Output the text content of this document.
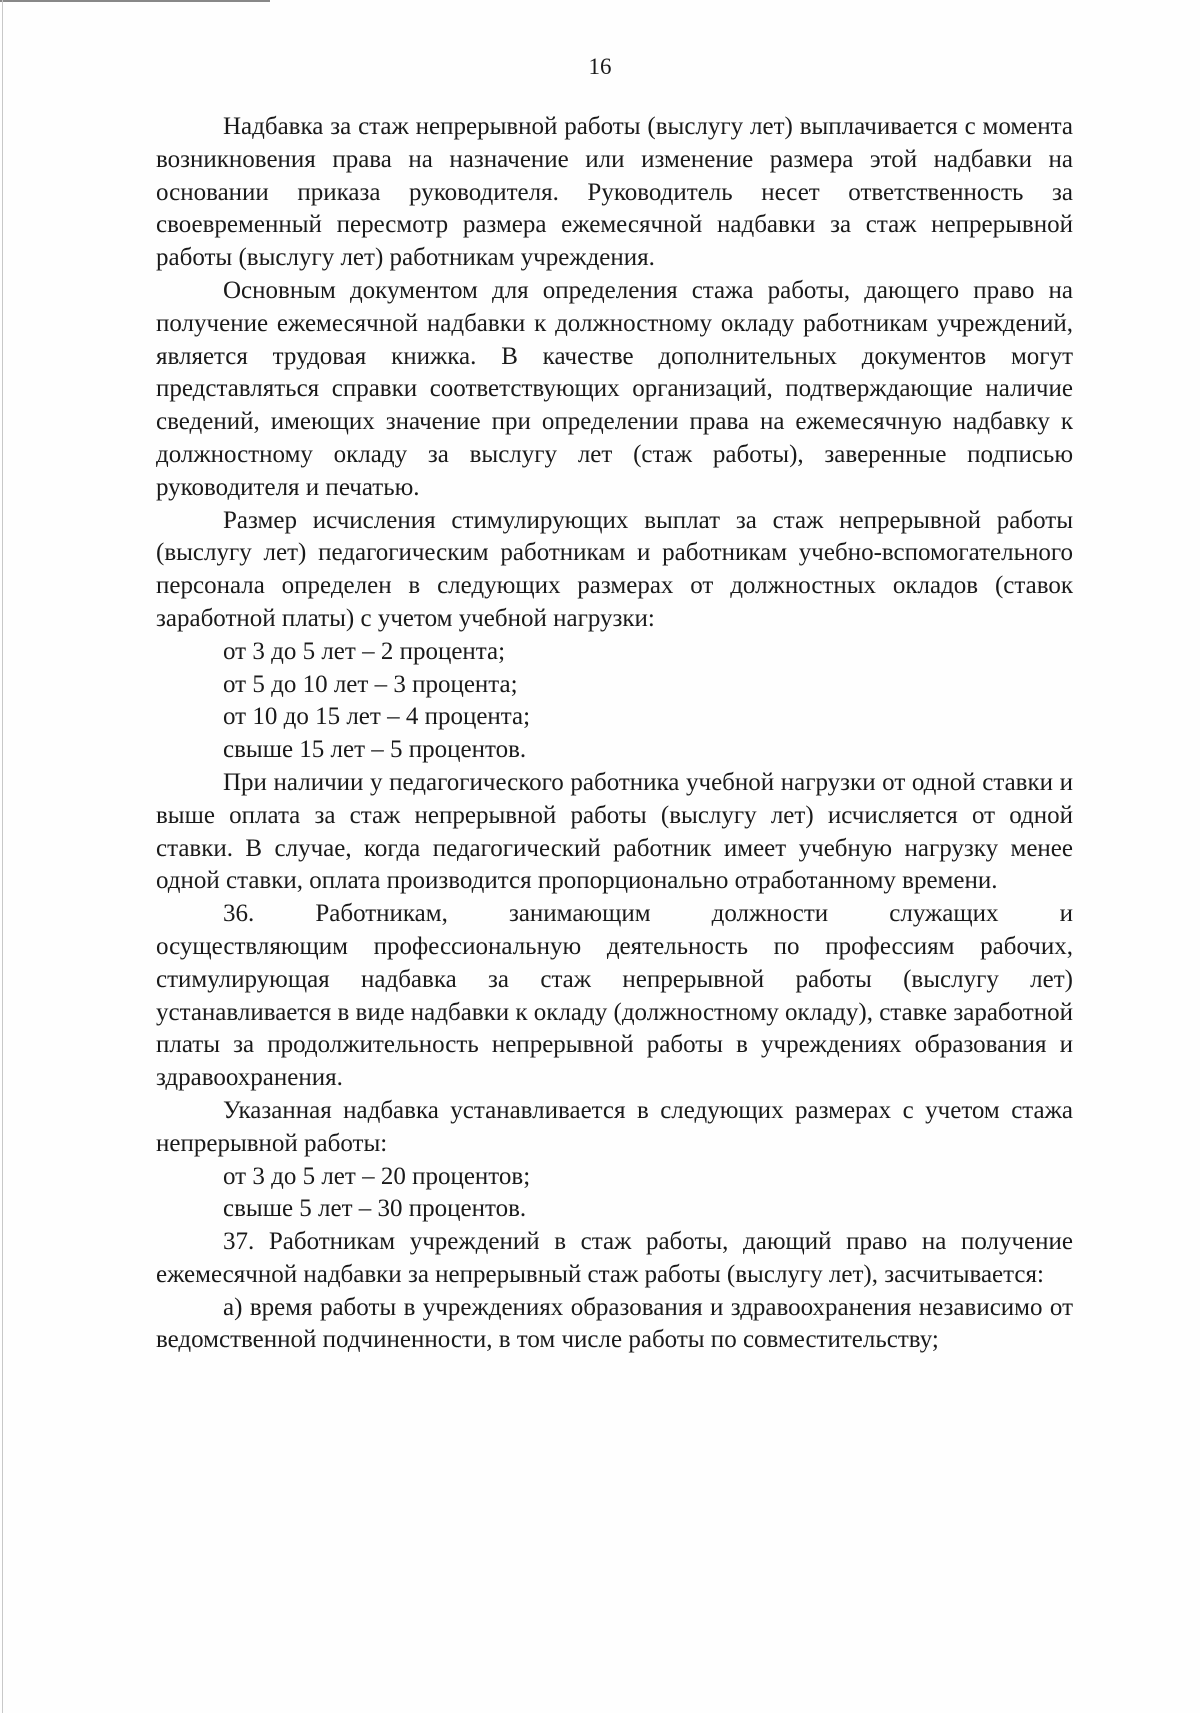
16

Надбавка за стаж непрерывной работы (выслугу лет) выплачивается с момента возникновения права на назначение или изменение размера этой надбавки на основании приказа руководителя. Руководитель несет ответственность за своевременный пересмотр размера ежемесячной надбавки за стаж непрерывной работы (выслугу лет) работникам учреждения.

Основным документом для определения стажа работы, дающего право на получение ежемесячной надбавки к должностному окладу работникам учреждений, является трудовая книжка. В качестве дополнительных документов могут представляться справки соответствующих организаций, подтверждающие наличие сведений, имеющих значение при определении права на ежемесячную надбавку к должностному окладу за выслугу лет (стаж работы), заверенные подписью руководителя и печатью.

Размер исчисления стимулирующих выплат за стаж непрерывной работы (выслугу лет) педагогическим работникам и работникам учебно-вспомогательного персонала определен в следующих размерах от должностных окладов (ставок заработной платы) с учетом учебной нагрузки:

от 3 до 5 лет – 2 процента;

от 5 до 10 лет – 3 процента;

от 10 до 15 лет – 4 процента;

свыше 15 лет – 5 процентов.

При наличии у педагогического работника учебной нагрузки от одной ставки и выше оплата за стаж непрерывной работы (выслугу лет) исчисляется от одной ставки. В случае, когда педагогический работник имеет учебную нагрузку менее одной ставки, оплата производится пропорционально отработанному времени.

36. Работникам, занимающим должности служащих и

осуществляющим профессиональную деятельность по профессиям рабочих, стимулирующая надбавка за стаж непрерывной работы (выслугу лет) устанавливается в виде надбавки к окладу (должностному окладу), ставке заработной платы за продолжительность непрерывной работы в учреждениях образования и здравоохранения.

Указанная надбавка устанавливается в следующих размерах с учетом стажа непрерывной работы:

от 3 до 5 лет – 20 процентов;

свыше 5 лет – 30 процентов.

37. Работникам учреждений в стаж работы, дающий право на получение ежемесячной надбавки за непрерывный стаж работы (выслугу лет), засчитывается:

а) время работы в учреждениях образования и здравоохранения независимо от ведомственной подчиненности, в том числе работы по совместительству;
